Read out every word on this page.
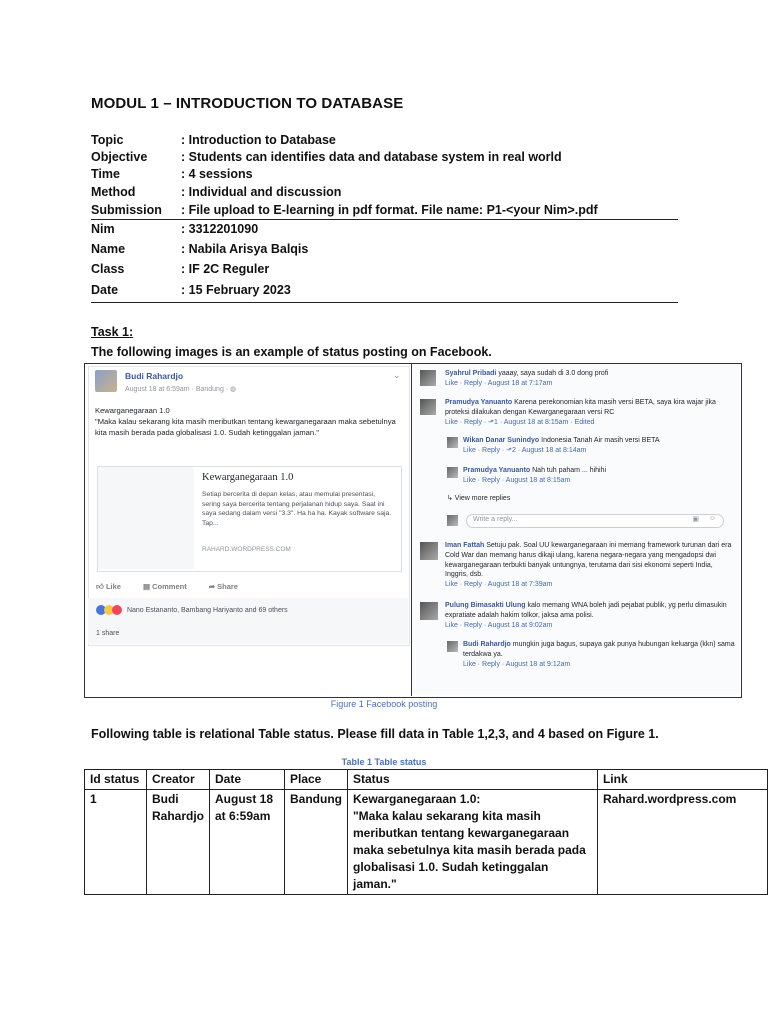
MODUL 1 – INTRODUCTION TO DATABASE
Topic	: Introduction to Database
Objective	: Students can identifies data and database system in real world
Time	: 4 sessions
Method	: Individual and discussion
Submission	: File upload to E-learning in pdf format. File name: P1-<your Nim>.pdf
Nim	: 3312201090
Name	: Nabila Arisya Balqis
Class	: IF 2C Reguler
Date	: 15 February 2023
Task 1:
The following images is an example of status posting on Facebook.
Budi Rahardjo
August 18 at 6:59am · Bandung · ◍
⌄
Kewarganegaraan 1.0
"Maka kalau sekarang kita masih meributkan tentang kewarganegaraan maka sebetulnya kita masih berada pada globalisasi 1.0. Sudah ketinggalan jaman."
Kewarganegaraan 1.0
Setiap bercerita di depan kelas, atau memulai presentasi, sering saya bercerita tentang perjalanan hidup saya. Saat ini saya sedang dalam versi "3.3". Ha ha ha. Kayak software saja. Tap...
RAHARD.WORDPRESS.COM
👍︎ Like	▤ Comment	➦ Share
Nano Estananto, Bambang Hariyanto and 69 others
1 share
Syahrul Pribadi yaaay, saya sudah di 3.0 dong profi
Like · Reply · August 18 at 7:17am
Pramudya Yanuanto Karena perekonomian kita masih versi BETA, saya kira wajar jika proteksi dilakukan dengan Kewarganegaraan versi RC
Like · Reply · ⬏1 · August 18 at 8:15am · Edited
Wikan Danar Sunindyo Indonesia Tanah Air masih versi BETA
Like · Reply · ⬏2 · August 18 at 8:14am
Pramudya Yanuanto Nah tuh paham ... hihihi
Like · Reply · August 18 at 8:15am
↳ View more replies
Write a reply...	▣ ☺
Iman Fattah Setuju pak. Soal UU kewarganegaraan ini memang framework turunan dari era Cold War dan memang harus dikaji ulang, karena negara-negara yang mengadopsi dwi kewarganegaraan terbukti banyak untungnya, terutama dari sisi ekonomi seperti India, Inggris, dsb.
Like · Reply · August 18 at 7:39am
Pulung Bimasakti Ulung kalo memang WNA boleh jadi pejabat publik, yg perlu dimasukin expratiate adalah hakim tolkor, jaksa ama polisi.
Like · Reply · August 18 at 9:02am
Budi Rahardjo mungkin juga bagus, supaya gak punya hubungan keluarga (kkn) sama terdakwa ya.
Like · Reply · August 18 at 9:12am
Figure 1 Facebook posting
Following table is relational Table status. Please fill data in Table 1,2,3, and 4 based on Figure 1.
Table 1 Table status
Id status	Creator	Date	Place	Status	Link
1	Budi Rahardjo	August 18 at 6:59am	Bandung	Kewarganegaraan 1.0:
"Maka kalau sekarang kita masih meributkan tentang kewarganegaraan maka sebetulnya kita masih berada pada globalisasi 1.0. Sudah ketinggalan jaman."	Rahard.wordpress.com
